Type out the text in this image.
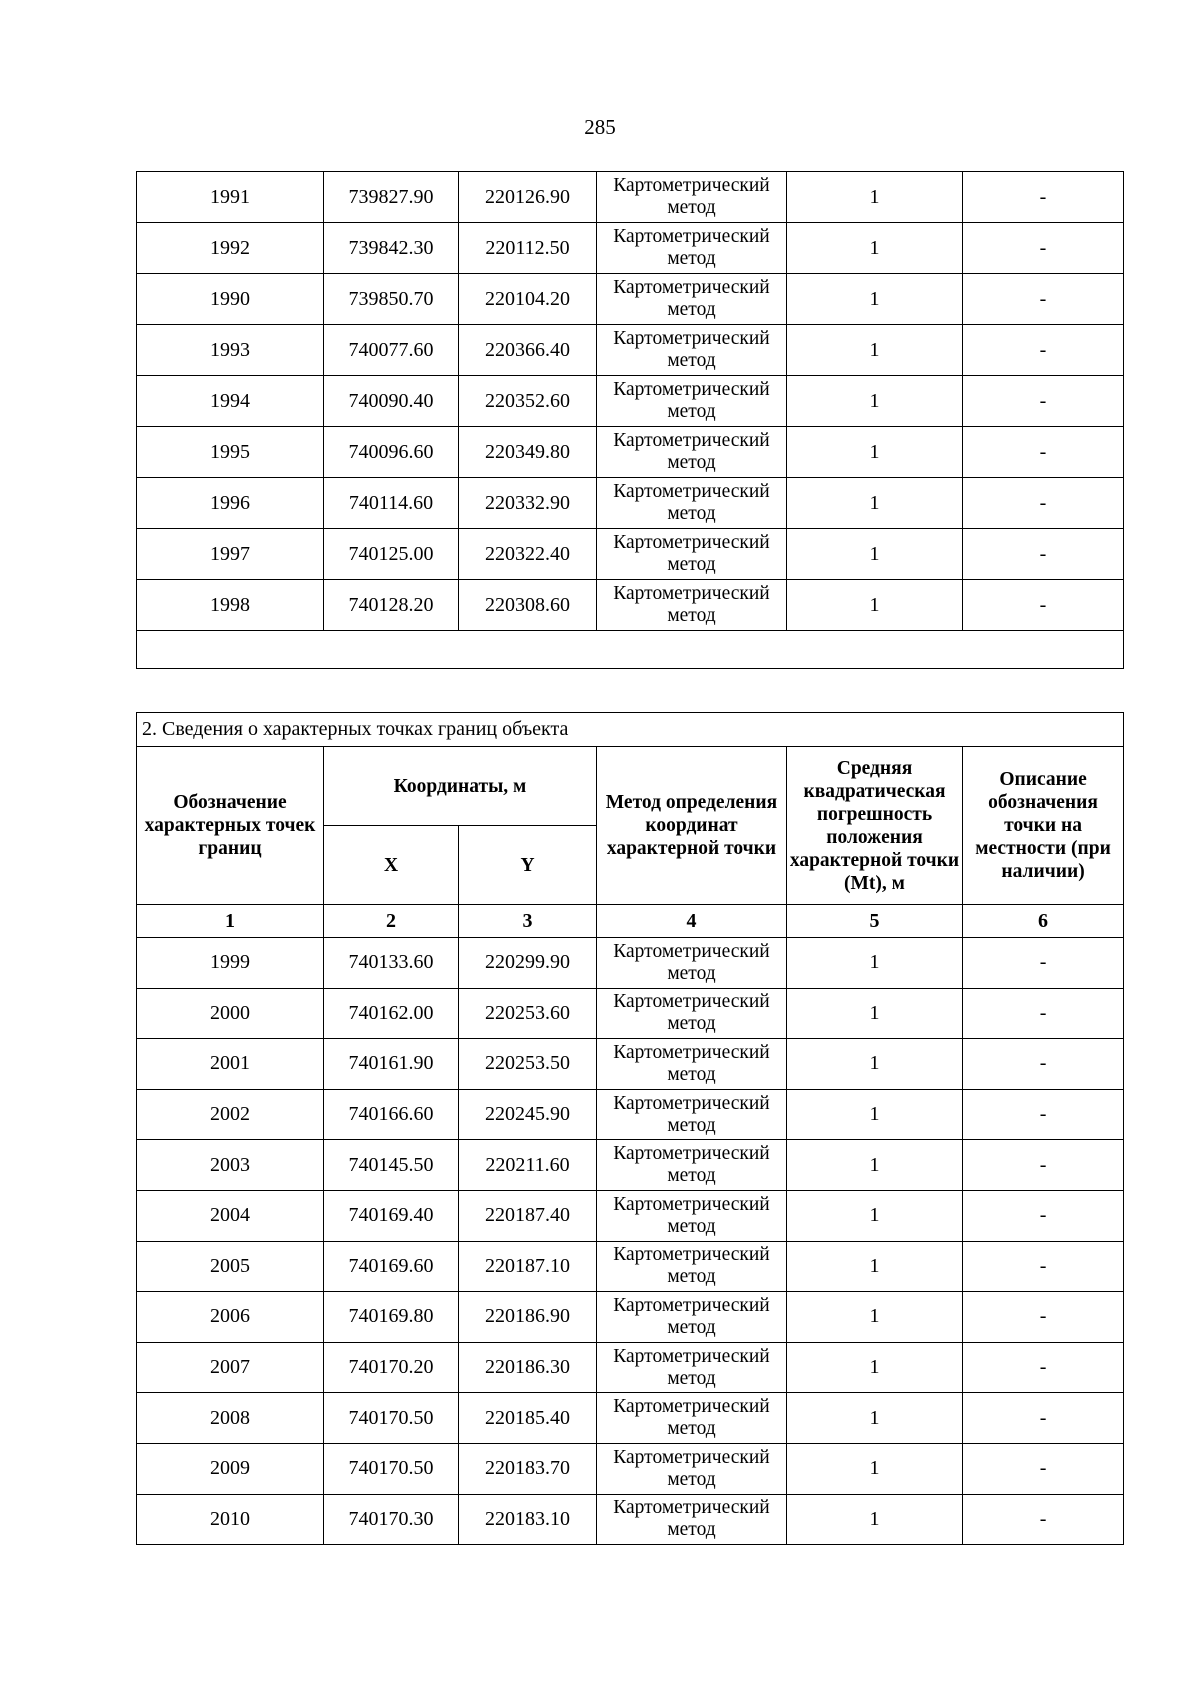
285
1991	739827.90	220126.90	Картометрический метод	1	-
1992	739842.30	220112.50	Картометрический метод	1	-
1990	739850.70	220104.20	Картометрический метод	1	-
1993	740077.60	220366.40	Картометрический метод	1	-
1994	740090.40	220352.60	Картометрический метод	1	-
1995	740096.60	220349.80	Картометрический метод	1	-
1996	740114.60	220332.90	Картометрический метод	1	-
1997	740125.00	220322.40	Картометрический метод	1	-
1998	740128.20	220308.60	Картометрический метод	1	-

2. Сведения о характерных точках границ объекта					
Обозначение характерных точек границ	Координаты, м		Метод определения координат характерной точки	Средняя квадратическая погрешность положения характерной точки (Mt), м	Описание обозначения точки на местности (при наличии)
	X	Y			
1	2	3	4	5	6
1999	740133.60	220299.90	Картометрический метод	1	-
2000	740162.00	220253.60	Картометрический метод	1	-
2001	740161.90	220253.50	Картометрический метод	1	-
2002	740166.60	220245.90	Картометрический метод	1	-
2003	740145.50	220211.60	Картометрический метод	1	-
2004	740169.40	220187.40	Картометрический метод	1	-
2005	740169.60	220187.10	Картометрический метод	1	-
2006	740169.80	220186.90	Картометрический метод	1	-
2007	740170.20	220186.30	Картометрический метод	1	-
2008	740170.50	220185.40	Картометрический метод	1	-
2009	740170.50	220183.70	Картометрический метод	1	-
2010	740170.30	220183.10	Картометрический метод	1	-
